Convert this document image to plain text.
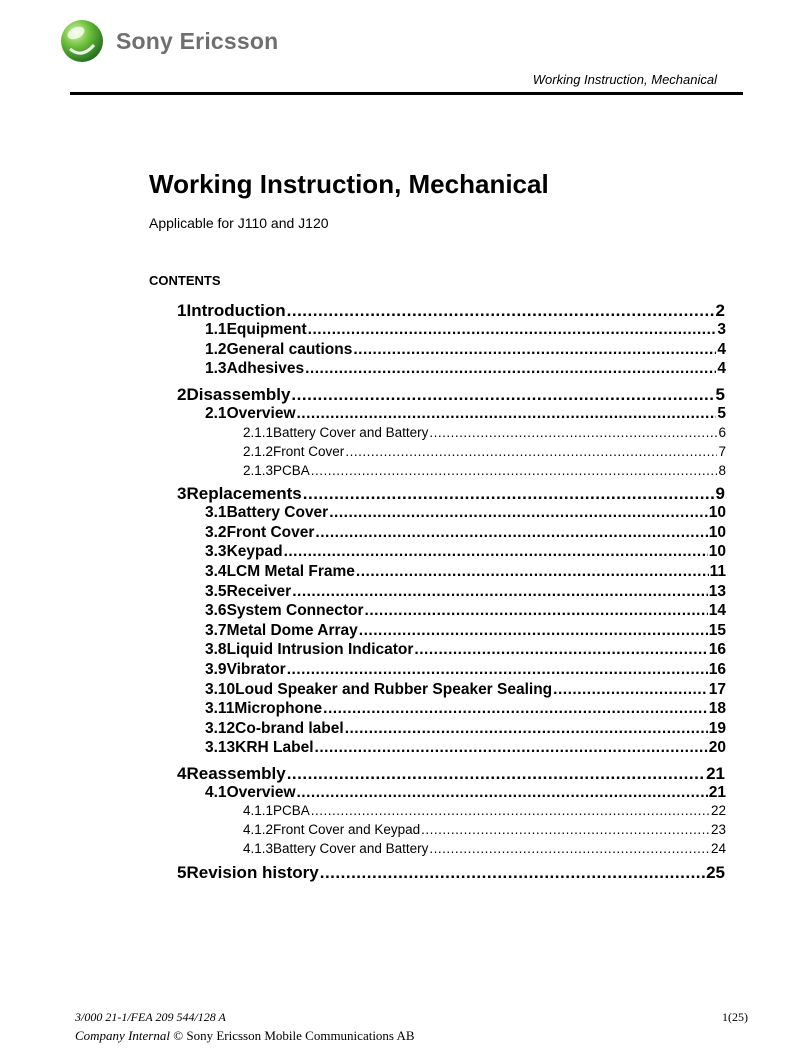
Sony Ericsson
Working Instruction, Mechanical
Working Instruction, Mechanical
Applicable for J110 and J120
CONTENTS
1 Introduction .....	2
1.1 Equipment .....	3
1.2 General cautions .....	4
1.3 Adhesives .....	4
2 Disassembly .....	5
2.1 Overview .....	5
2.1.1 Battery Cover and Battery .....	6
2.1.2 Front Cover .....	7
2.1.3 PCBA .....	8
3 Replacements .....	9
3.1 Battery Cover .....	10
3.2 Front Cover .....	10
3.3 Keypad .....	10
3.4 LCM Metal Frame .....	11
3.5 Receiver .....	13
3.6 System Connector .....	14
3.7 Metal Dome Array .....	15
3.8 Liquid Intrusion Indicator .....	16
3.9 Vibrator .....	16
3.10 Loud Speaker and Rubber Speaker Sealing .....	17
3.11 Microphone .....	18
3.12 Co-brand label .....	19
3.13 KRH Label .....	20
4 Reassembly .....	21
4.1 Overview .....	21
4.1.1 PCBA .....	22
4.1.2 Front Cover and Keypad .....	23
4.1.3 Battery Cover and Battery .....	24
5 Revision history .....	25
3/000 21-1/FEA 209 544/128 A	1(25)
Company Internal © Sony Ericsson Mobile Communications AB
